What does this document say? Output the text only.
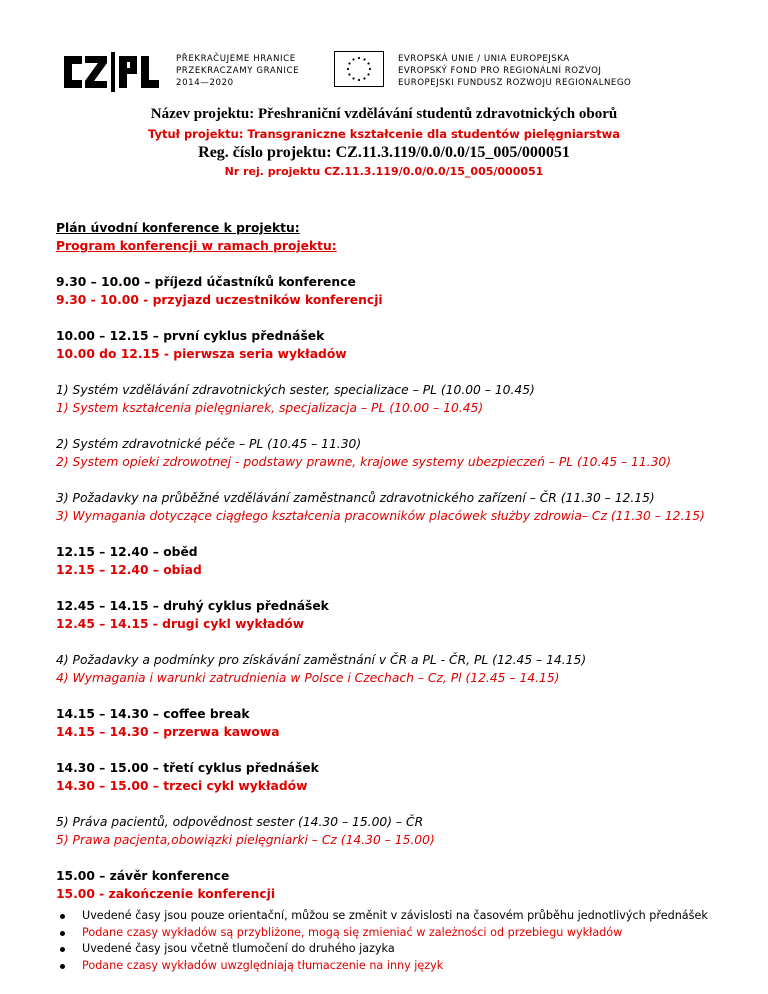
PŘEKRAČUJEME HRANICE
PRZEKRACZAMY GRANICE
2014—2020
EVROPSKÁ UNIE / UNIA EUROPEJSKA
EVROPSKÝ FOND PRO REGIONÁLNÍ ROZVOJ
EUROPEJSKI FUNDUSZ ROZWOJU REGIONALNEGO
Název projektu: Přeshraniční vzdělávání studentů zdravotnických oborů
Tytuł projektu: Transgraniczne kształcenie dla studentów pielęgniarstwa
Reg. číslo projektu: CZ.11.3.119/0.0/0.0/15_005/000051
Nr rej. projektu CZ.11.3.119/0.0/0.0/15_005/000051
Plán úvodní konference k projektu:
Program konferencji w ramach projektu:
9.30 – 10.00 – příjezd účastníků konference
9.30 - 10.00 - przyjazd uczestników konferencji
10.00 – 12.15 – první cyklus přednášek
10.00 do 12.15 - pierwsza seria wykładów
1) Systém vzdělávání zdravotnických sester, specializace – PL (10.00 – 10.45)
1) System kształcenia pielęgniarek, specjalizacja – PL (10.00 – 10.45)
2) Systém zdravotnické péče – PL (10.45 – 11.30)
2) System opieki zdrowotnej - podstawy prawne, krajowe systemy ubezpieczeń – PL (10.45 – 11.30)
3) Požadavky na průběžné vzdělávání zaměstnanců zdravotnického zařízení – ČR (11.30 – 12.15)
3) Wymagania dotyczące ciągłego kształcenia pracowników placówek służby zdrowia– Cz (11.30 – 12.15)
12.15 – 12.40 – oběd
12.15 – 12.40 – obiad
12.45 – 14.15 – druhý cyklus přednášek
12.45 – 14.15 - drugi cykl wykładów
4) Požadavky a podmínky pro získávání zaměstnání v ČR a PL - ČR, PL (12.45 – 14.15)
4) Wymagania i warunki zatrudnienia w Polsce i Czechach – Cz, Pl (12.45 – 14.15)
14.15 – 14.30 – coffee break
14.15 – 14.30 – przerwa kawowa
14.30 – 15.00 – třetí cyklus přednášek
14.30 – 15.00 – trzeci cykl wykładów
5) Práva pacientů, odpovědnost sester (14.30 – 15.00) – ČR
5) Prawa pacjenta,obowiązki pielęgniarki – Cz (14.30 – 15.00)
15.00 – závěr konference
15.00 - zakończenie konferencji
Uvedené časy jsou pouze orientační, můžou se změnit v závislosti na časovém průběhu jednotlivých přednášek
Podane czasy wykładów są przybliżone, mogą się zmieniać w zależności od przebiegu wykładów
Uvedené časy jsou včetně tlumočení do druhého jazyka
Podane czasy wykładów uwzględniają tłumaczenie na inny język
